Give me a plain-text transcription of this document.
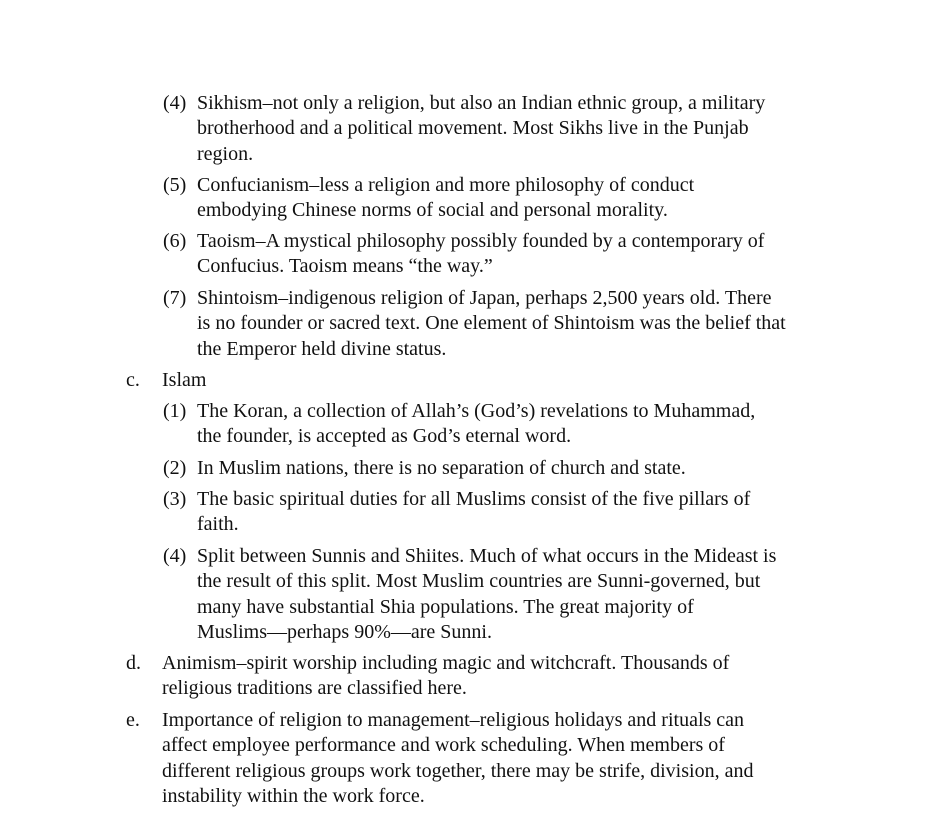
(4) Sikhism–not only a religion, but also an Indian ethnic group, a military
brotherhood and a political movement. Most Sikhs live in the Punjab
region.
(5) Confucianism–less a religion and more philosophy of conduct
embodying Chinese norms of social and personal morality.
(6) Taoism–A mystical philosophy possibly founded by a contemporary of
Confucius. Taoism means “the way.”
(7) Shintoism–indigenous religion of Japan, perhaps 2,500 years old. There
is no founder or sacred text. One element of Shintoism was the belief that
the Emperor held divine status.
c. Islam
(1) The Koran, a collection of Allah’s (God’s) revelations to Muhammad,
the founder, is accepted as God’s eternal word.
(2) In Muslim nations, there is no separation of church and state.
(3) The basic spiritual duties for all Muslims consist of the five pillars of
faith.
(4) Split between Sunnis and Shiites. Much of what occurs in the Mideast is
the result of this split. Most Muslim countries are Sunni-governed, but
many have substantial Shia populations. The great majority of
Muslims—perhaps 90%—are Sunni.
d. Animism–spirit worship including magic and witchcraft. Thousands of
religious traditions are classified here.
e. Importance of religion to management–religious holidays and rituals can
affect employee performance and work scheduling. When members of
different religious groups work together, there may be strife, division, and
instability within the work force.
